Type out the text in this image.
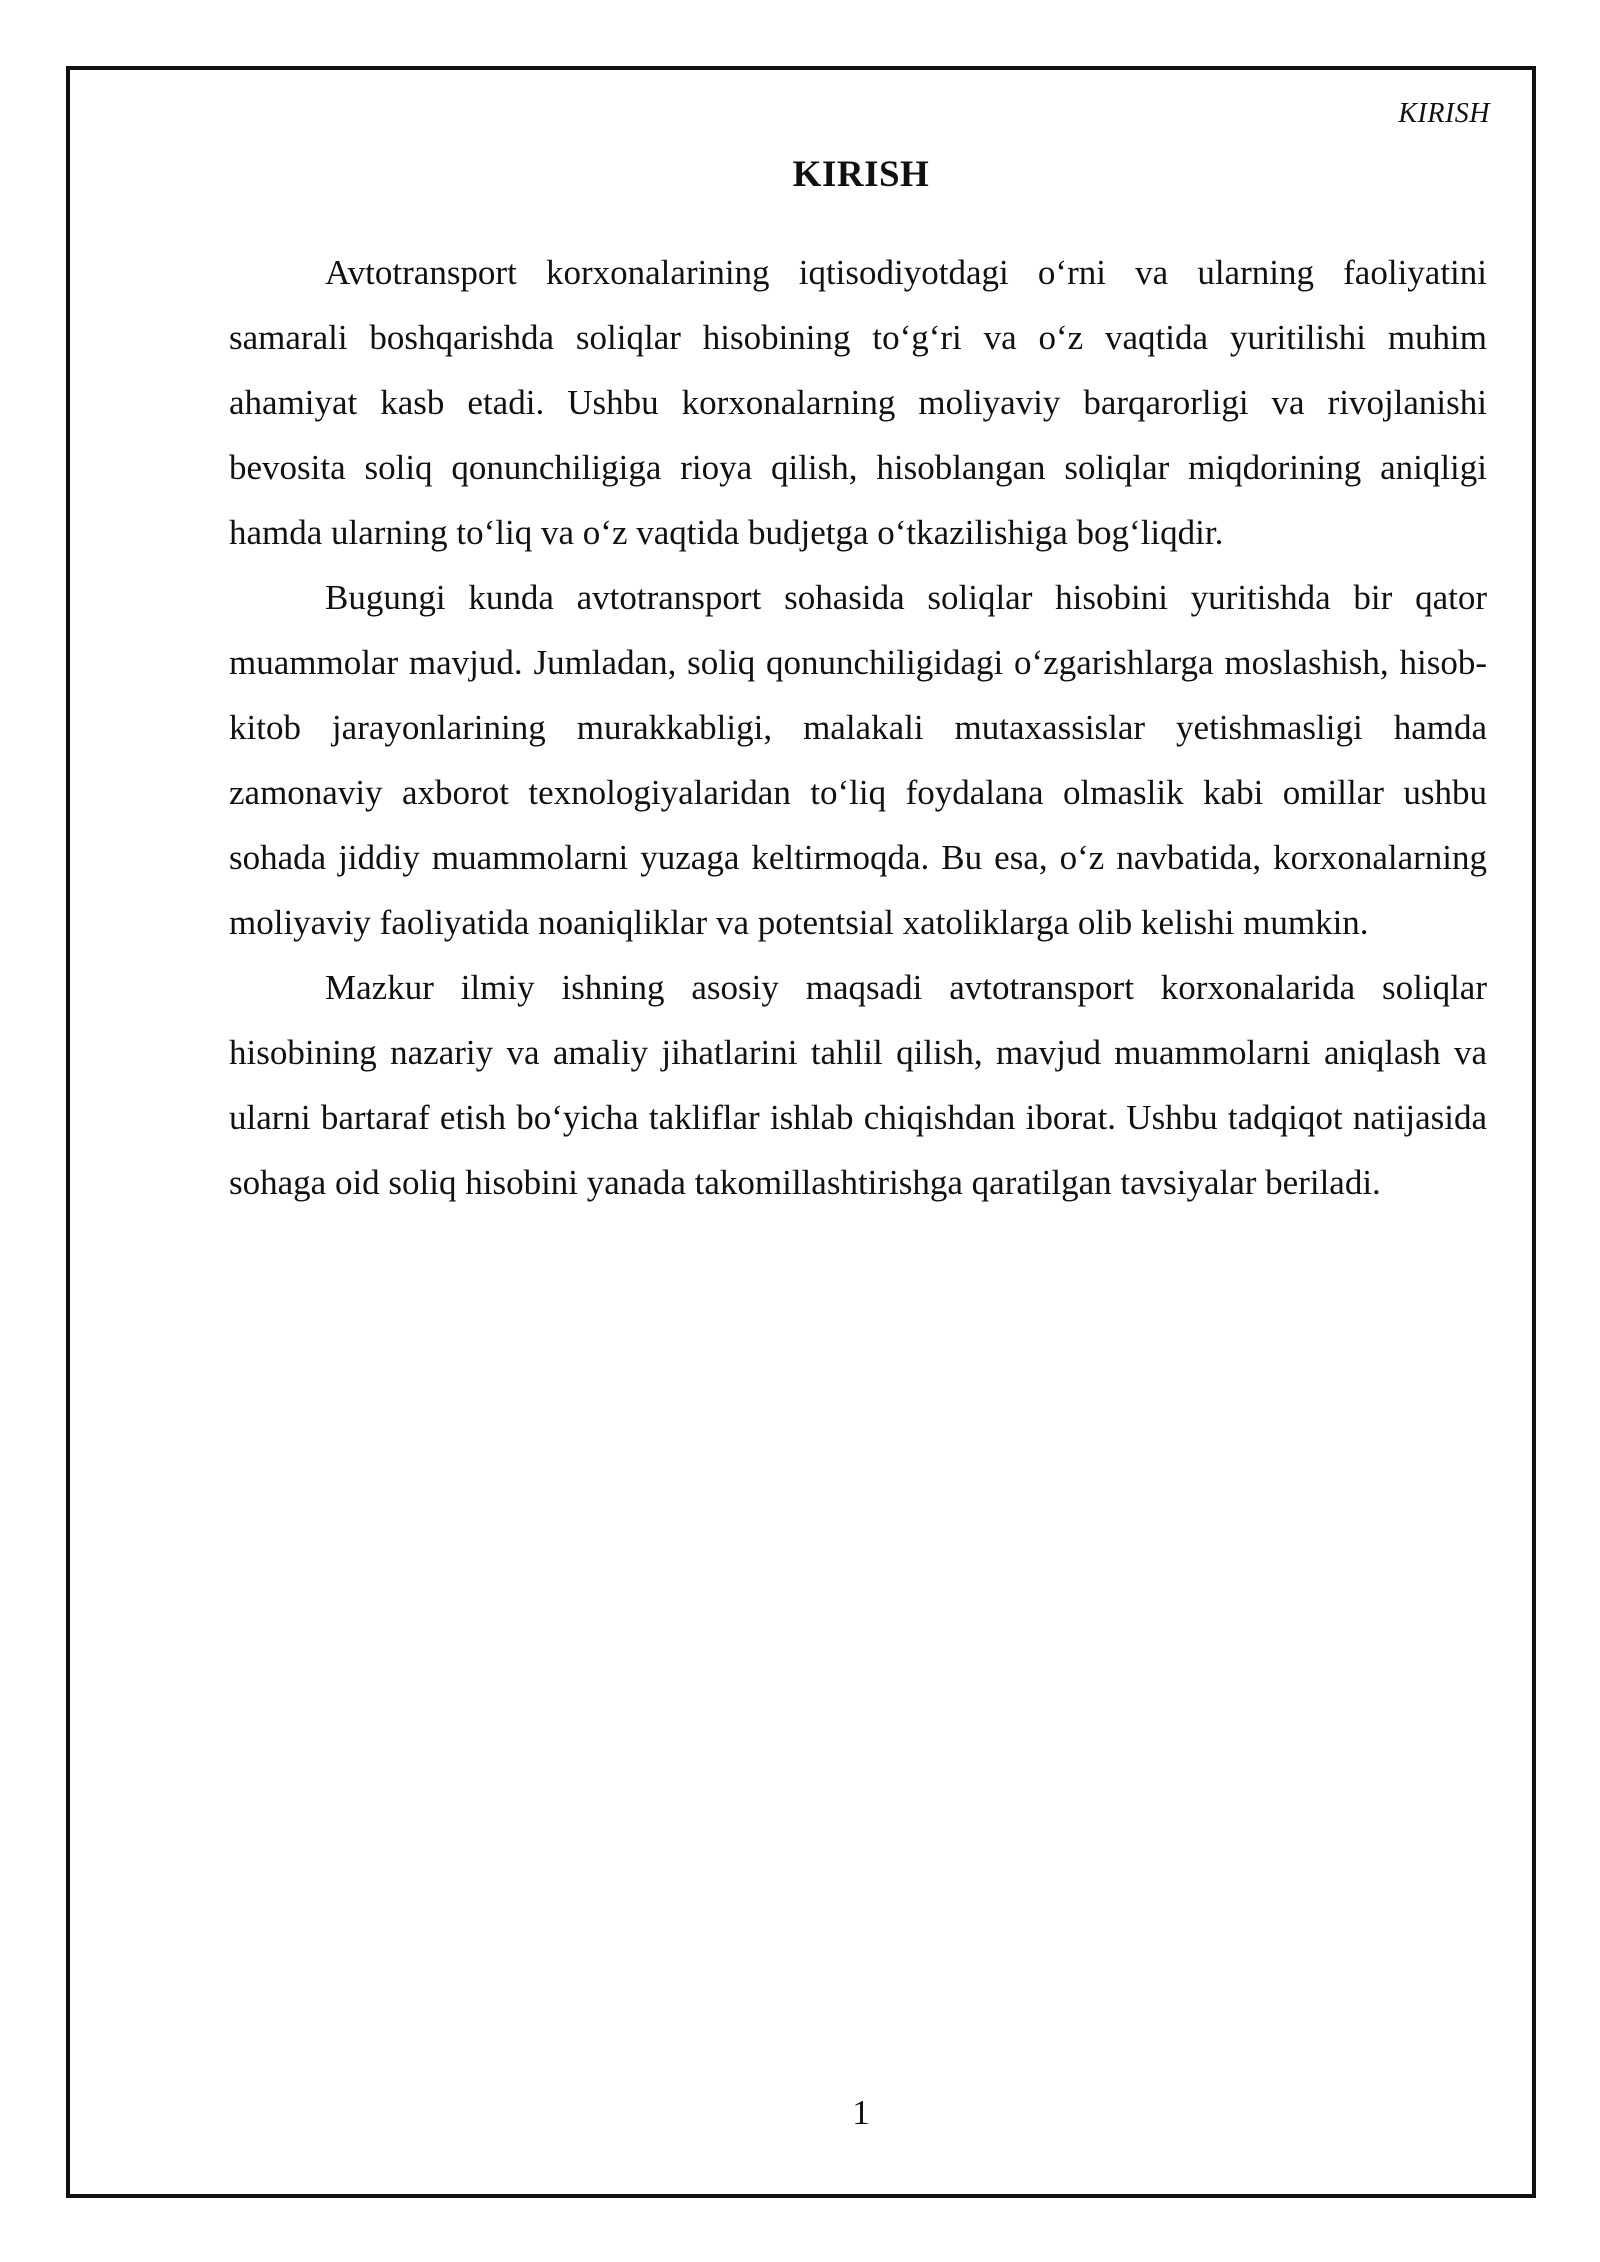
KIRISH
KIRISH

Avtotransport korxonalarining iqtisodiyotdagi o‘rni va ularning faoliyatini samarali boshqarishda soliqlar hisobining to‘g‘ri va o‘z vaqtida yuritilishi muhim ahamiyat kasb etadi. Ushbu korxonalarning moliyaviy barqarorligi va rivojlanishi bevosita soliq qonunchiligiga rioya qilish, hisoblangan soliqlar miqdorining aniqligi hamda ularning to‘liq va o‘z vaqtida budjetga o‘tkazilishiga bog‘liqdir.

Bugungi kunda avtotransport sohasida soliqlar hisobini yuritishda bir qator muammolar mavjud. Jumladan, soliq qonunchiligidagi o‘zgarishlarga moslashish, hisob-kitob jarayonlarining murakkabligi, malakali mutaxassislar yetishmasligi hamda zamonaviy axborot texnologiyalaridan to‘liq foydalana olmaslik kabi omillar ushbu sohada jiddiy muammolarni yuzaga keltirmoqda. Bu esa, o‘z navbatida, korxonalarning moliyaviy faoliyatida noaniqliklar va potentsial xatoliklarga olib kelishi mumkin.

Mazkur ilmiy ishning asosiy maqsadi avtotransport korxonalarida soliqlar hisobining nazariy va amaliy jihatlarini tahlil qilish, mavjud muammolarni aniqlash va ularni bartaraf etish bo‘yicha takliflar ishlab chiqishdan iborat. Ushbu tadqiqot natijasida sohaga oid soliq hisobini yanada takomillashtirishga qaratilgan tavsiyalar beriladi.

1
